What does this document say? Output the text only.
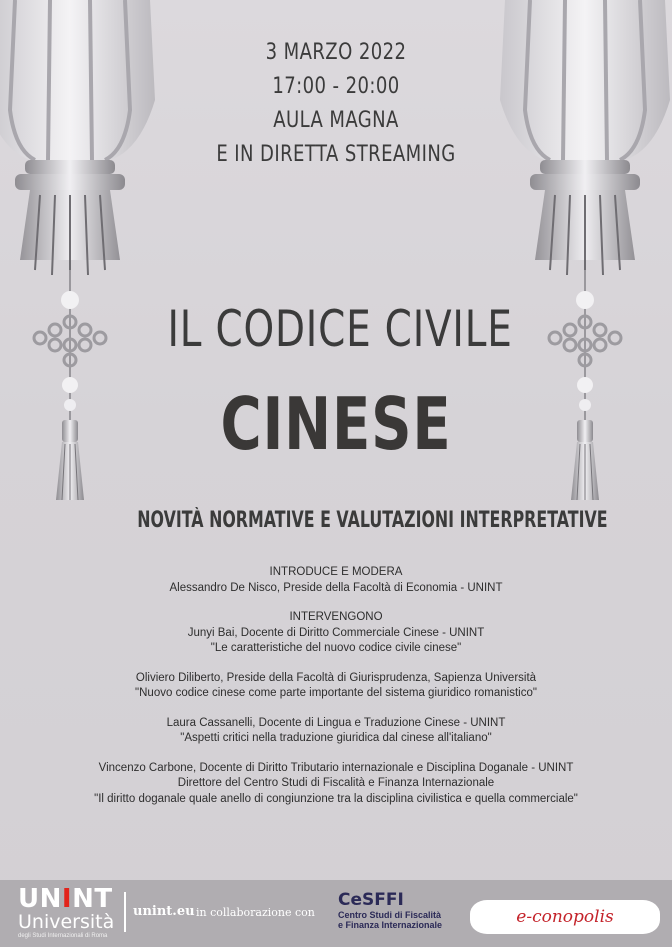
3 MARZO 2022
17:00 - 20:00
AULA MAGNA
E IN DIRETTA STREAMING
IL CODICE CIVILE
CINESE
NOVITÀ NORMATIVE E VALUTAZIONI INTERPRETATIVE
INTRODUCE E MODERA
Alessandro De Nisco, Preside della Facoltà di Economia - UNINT
INTERVENGONO
Junyi Bai, Docente di Diritto Commerciale Cinese - UNINT
"Le caratteristiche del nuovo codice civile cinese"
Oliviero Diliberto, Preside della Facoltà di Giurisprudenza, Sapienza Università
"Nuovo codice cinese come parte importante del sistema giuridico romanistico"
Laura Cassanelli, Docente di Lingua e Traduzione Cinese - UNINT
"Aspetti critici nella traduzione giuridica dal cinese all'italiano"
Vincenzo Carbone, Docente di Diritto Tributario internazionale e Disciplina Doganale - UNINT
Direttore del Centro Studi di Fiscalità e Finanza Internazionale
"Il diritto doganale quale anello di congiunzione tra la disciplina civilistica e quella commerciale"
UN I NT
Università
degli Studi Internazionali di Roma
unint.eu in collaborazione con
CeSFFI
Centro Studi di Fiscalità
e Finanza Internazionale	e-conopolis
